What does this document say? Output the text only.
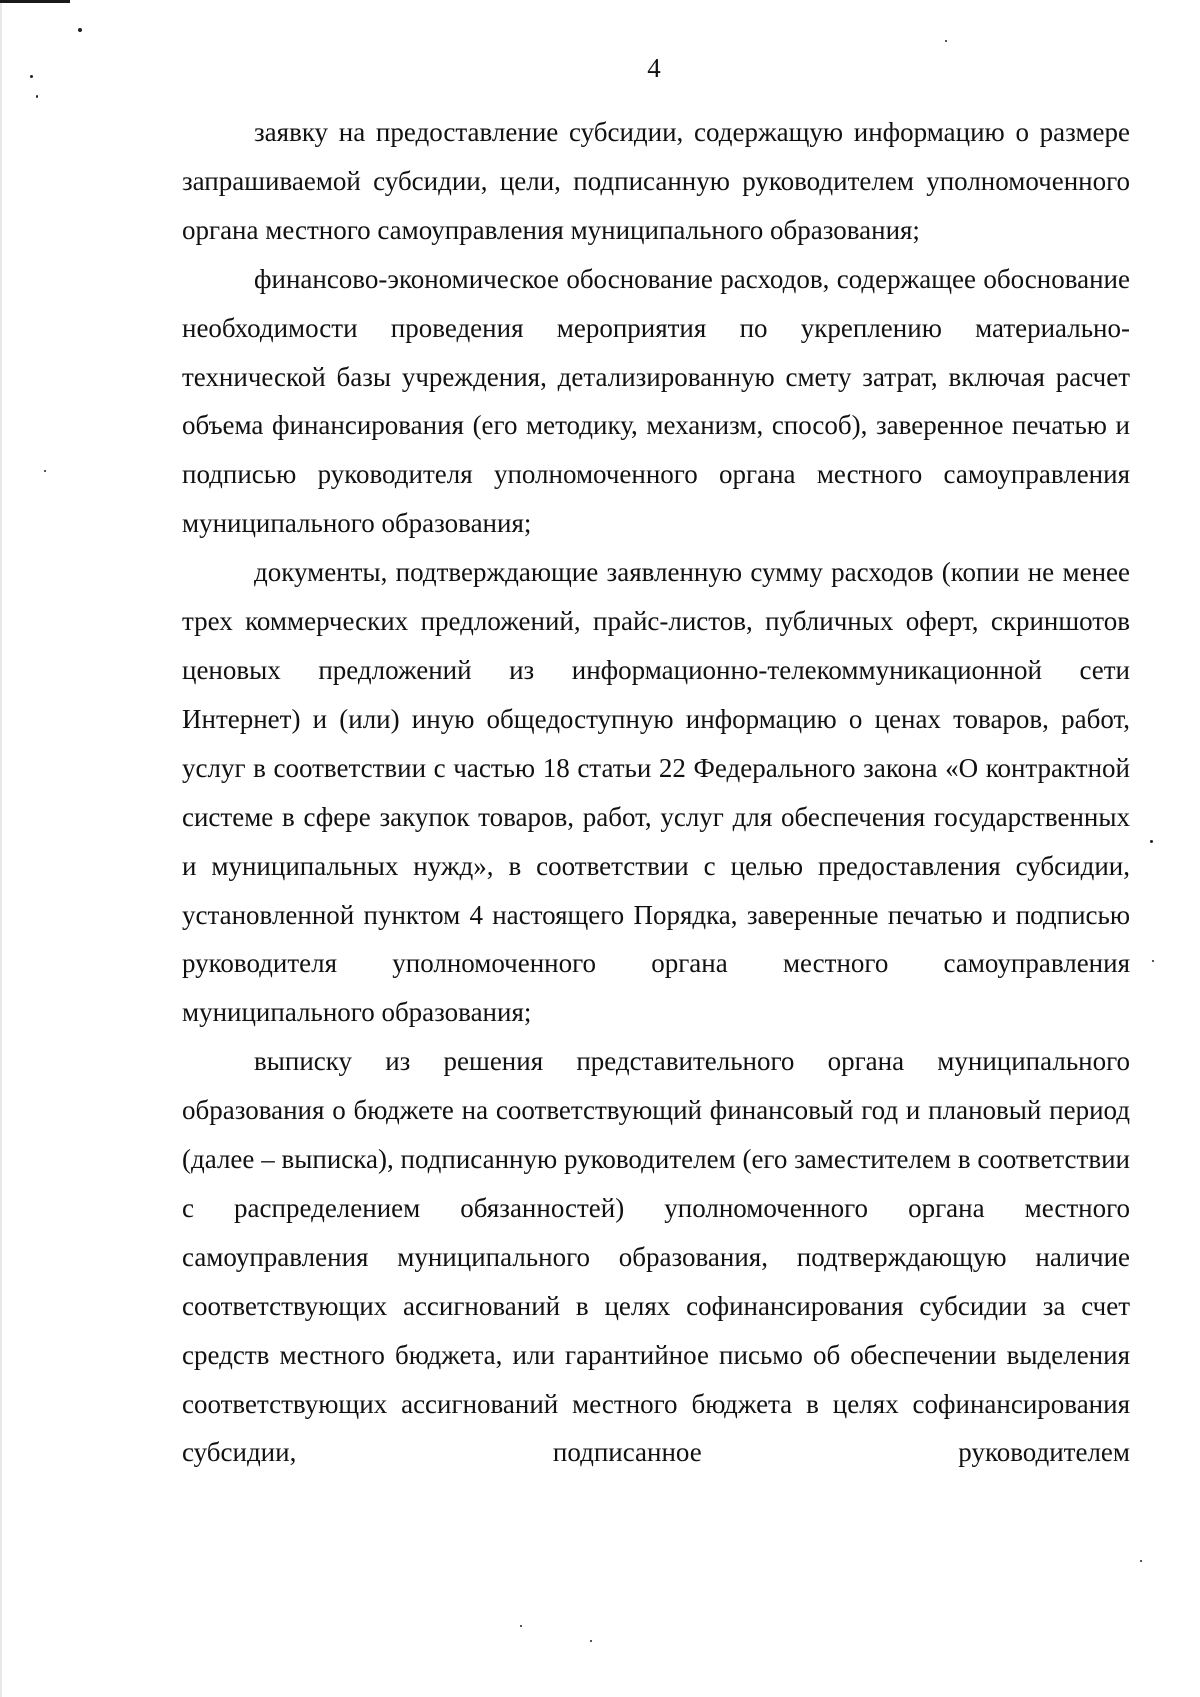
4

заявку на предоставление субсидии, содержащую информацию о размере запрашиваемой субсидии, цели, подписанную руководителем уполномоченного органа местного самоуправления муниципального образования;

финансово-экономическое обоснование расходов, содержащее обоснование необходимости проведения мероприятия по укреплению материально-технической базы учреждения, детализированную смету затрат, включая расчет объема финансирования (его методику, механизм, способ), заверенное печатью и подписью руководителя уполномоченного органа местного самоуправления муниципального образования;

документы, подтверждающие заявленную сумму расходов (копии не менее трех коммерческих предложений, прайс-листов, публичных оферт, скриншотов ценовых предложений из информационно-телекоммуникационной сети Интернет) и (или) иную общедоступную информацию о ценах товаров, работ, услуг в соответствии с частью 18 статьи 22 Федерального закона «О контрактной системе в сфере закупок товаров, работ, услуг для обеспечения государственных и муниципальных нужд», в соответствии с целью предоставления субсидии, установленной пунктом 4 настоящего Порядка, заверенные печатью и подписью руководителя уполномоченного органа местного самоуправления муниципального образования;

выписку из решения представительного органа муниципального образования о бюджете на соответствующий финансовый год и плановый период (далее – выписка), подписанную руководителем (его заместителем в соответствии с распределением обязанностей) уполномоченного органа местного самоуправления муниципального образования, подтверждающую наличие соответствующих ассигнований в целях софинансирования субсидии за счет средств местного бюджета, или гарантийное письмо об обеспечении выделения соответствующих ассигнований местного бюджета в целях софинансирования субсидии, подписанное руководителем
